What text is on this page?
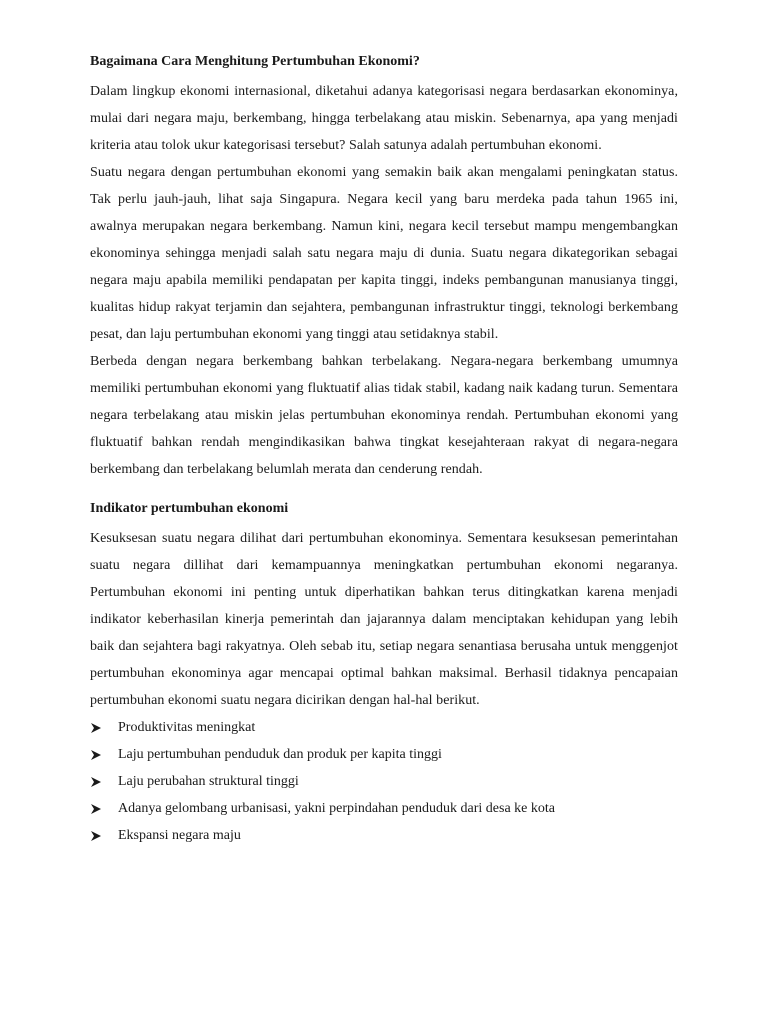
Bagaimana Cara Menghitung Pertumbuhan Ekonomi?

Dalam lingkup ekonomi internasional, diketahui adanya kategorisasi negara berdasarkan ekonominya, mulai dari negara maju, berkembang, hingga terbelakang atau miskin. Sebenarnya, apa yang menjadi kriteria atau tolok ukur kategorisasi tersebut? Salah satunya adalah pertumbuhan ekonomi.

Suatu negara dengan pertumbuhan ekonomi yang semakin baik akan mengalami peningkatan status. Tak perlu jauh-jauh, lihat saja Singapura. Negara kecil yang baru merdeka pada tahun 1965 ini, awalnya merupakan negara berkembang. Namun kini, negara kecil tersebut mampu mengembangkan ekonominya sehingga menjadi salah satu negara maju di dunia. Suatu negara dikategorikan sebagai negara maju apabila memiliki pendapatan per kapita tinggi, indeks pembangunan manusianya tinggi, kualitas hidup rakyat terjamin dan sejahtera, pembangunan infrastruktur tinggi, teknologi berkembang pesat, dan laju pertumbuhan ekonomi yang tinggi atau setidaknya stabil.

Berbeda dengan negara berkembang bahkan terbelakang. Negara-negara berkembang umumnya memiliki pertumbuhan ekonomi yang fluktuatif alias tidak stabil, kadang naik kadang turun. Sementara negara terbelakang atau miskin jelas pertumbuhan ekonominya rendah. Pertumbuhan ekonomi yang fluktuatif bahkan rendah mengindikasikan bahwa tingkat kesejahteraan rakyat di negara-negara berkembang dan terbelakang belumlah merata dan cenderung rendah.

Indikator pertumbuhan ekonomi

Kesuksesan suatu negara dilihat dari pertumbuhan ekonominya. Sementara kesuksesan pemerintahan suatu negara dillihat dari kemampuannya meningkatkan pertumbuhan ekonomi negaranya. Pertumbuhan ekonomi ini penting untuk diperhatikan bahkan terus ditingkatkan karena menjadi indikator keberhasilan kinerja pemerintah dan jajarannya dalam menciptakan kehidupan yang lebih baik dan sejahtera bagi rakyatnya. Oleh sebab itu, setiap negara senantiasa berusaha untuk menggenjot pertumbuhan ekonominya agar mencapai optimal bahkan maksimal. Berhasil tidaknya pencapaian pertumbuhan ekonomi suatu negara dicirikan dengan hal-hal berikut.

Produktivitas meningkat
Laju pertumbuhan penduduk dan produk per kapita tinggi
Laju perubahan struktural tinggi
Adanya gelombang urbanisasi, yakni perpindahan penduduk dari desa ke kota
Ekspansi negara maju
